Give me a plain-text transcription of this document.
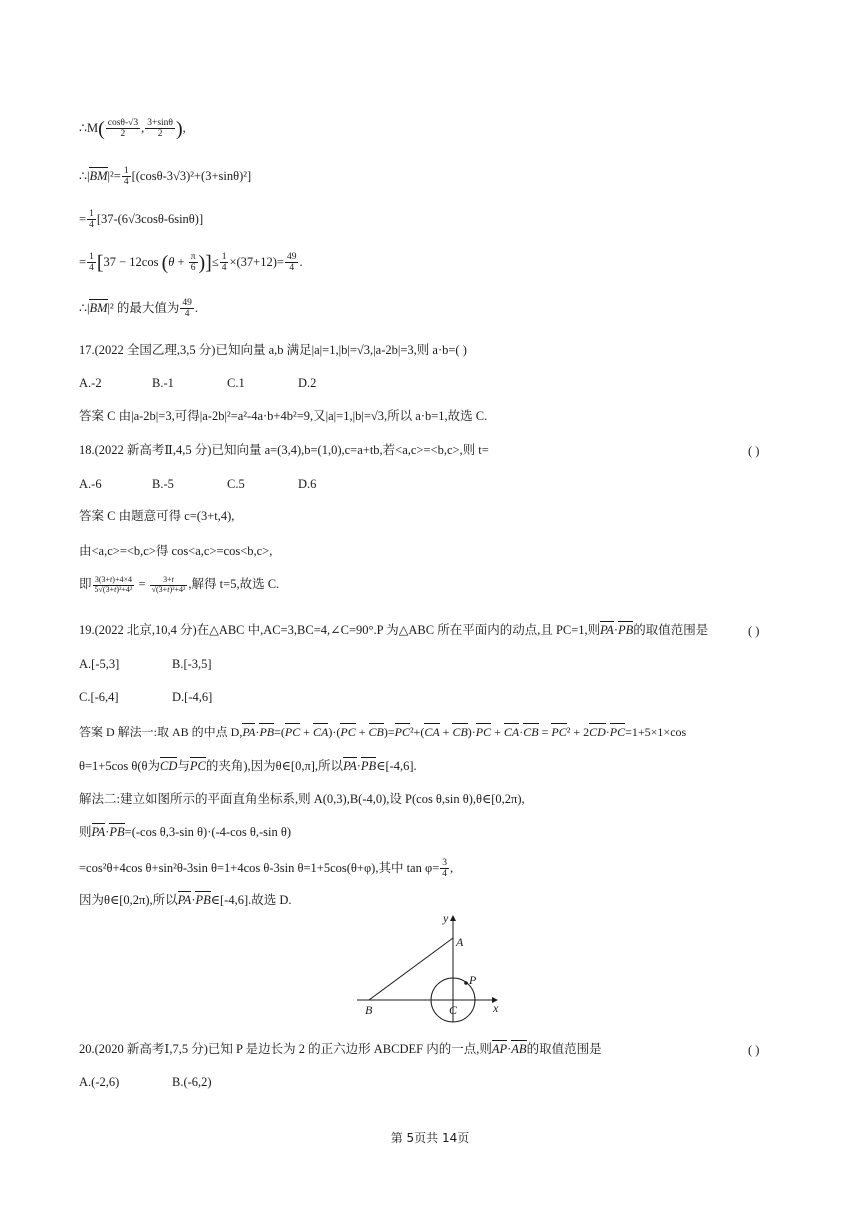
∴M( $\frac{\cos\theta-√3}{2}$ , $\frac{3+\sin\theta}{2}$ ),
∴|BM|²= $\frac{1}{4} [(\cos\theta-3√3)^2+(3+\sin\theta)^2]$
= $\frac{1}{4} [37-(6√3\cos\theta-6\sin\theta)]$
= $\frac{1}{4} [37 - 12\cos$ ($\theta + \frac{\pi}{6}$ )]≤ $\frac{1}{4} \times(37+12)= \frac{49}{4}$ .
∴|BM|² 的最大值为 $\frac{49}{4}$ .
17.(2022 全国乙理,3,5 分)已知向量 a,b 满足|a|=1,|b|=√3,|a-2b|=3,则 a·b=( )
A.-2	B.-1	C.1	D.2
答案 C 由|a-2b|=3,可得|a-2b|²=a²-4a·b+4b²=9,又|a|=1,|b|=√3,所以 a·b=1,故选 C.
18.(2022 新高考Ⅱ,4,5 分)已知向量 a=(3,4),b=(1,0),c=a+tb,若<a,c>=<b,c>,则 t=	( )
A.-6	B.-5	C.5	D.6
答案 C 由题意可得 c=(3+t,4),
由<a,c>=<b,c>得 cos<a,c>=cos<b,c>,
即 $\frac{3(3+t)+4\times 4}{\text{5√(3+t)²+4²}} = \frac{3+t}{\text{√(3+t)²+4²}}$ ,解得 t=5,故选 C.
19.(2022 北京,10,4 分)在△ABC 中,AC=3,BC=4,∠C=90°.P 为△ABC 所在平面内的动点,且 PC=1,则PA·PB的取值范围是	( )
A.[-5,3]	B.[-3,5]
C.[-6,4]	D.[-4,6]
答案 D 解法一:取 AB 的中点 D,PA·PB=(PC + CA)·(PC + CB)=PC²+(CA + CB)·PC + CA·CB = PC² + 2CD·PC=1+5×1×cos
θ=1+5cos θ(θ为CD与PC的夹角),因为θ∈[0,π],所以PA·PB∈[-4,6].
解法二:建立如图所示的平面直角坐标系,则 A(0,3),B(-4,0),设 P(cos θ,sin θ),θ∈[0,2π),
则PA·PB=(-cos θ,3-sin θ)·(-4-cos θ,-sin θ)
=cos²θ+4cos θ+sin²θ-3sin θ=1+4cos θ-3sin θ=1+5cos(θ+φ),其中 $\tan \varphi= \frac{3}{4}$ ,
因为θ∈[0,2π),所以PA·PB∈[-4,6].故选 D.
y
A
P
B	C	x
20.(2020 新高考Ⅰ,7,5 分)已知 P 是边长为 2 的正六边形 ABCDEF 内的一点,则AP·AB的取值范围是	( )
A.(-2,6)	B.(-6,2)
第 5页共 14页
